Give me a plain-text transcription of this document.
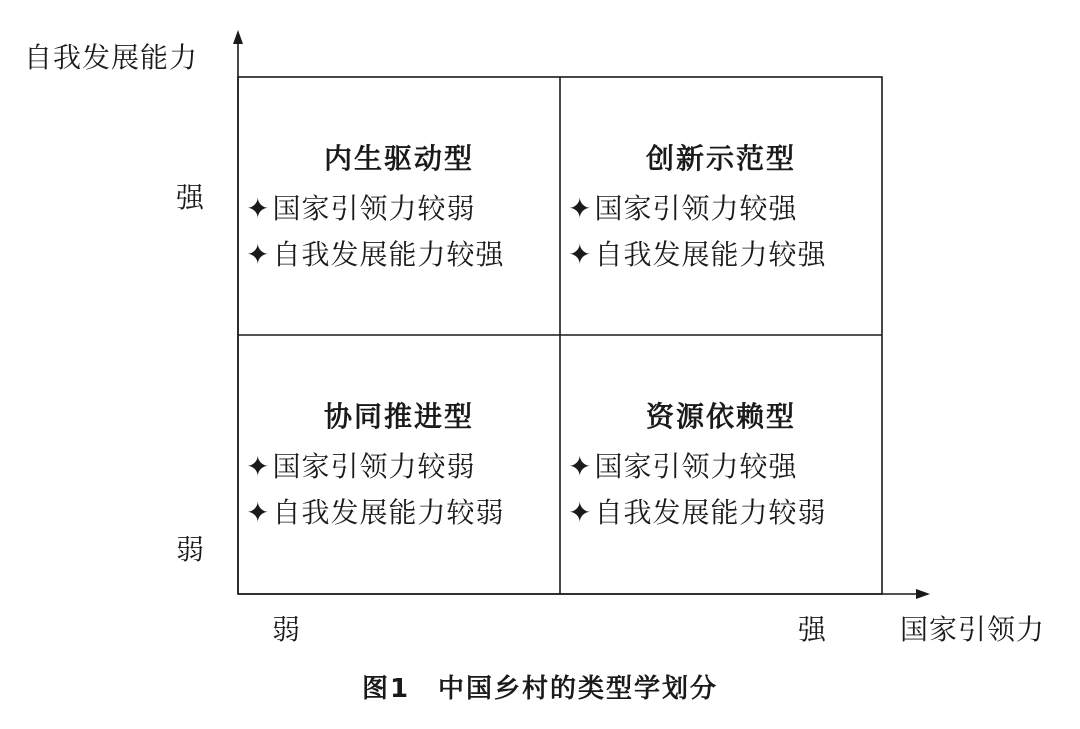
自我发展能力
强
弱
弱	强	国家引领力
内生驱动型
✦国家引领力较弱
✦自我发展能力较强
创新示范型
✦国家引领力较强
✦自我发展能力较强
协同推进型
✦国家引领力较弱
✦自我发展能力较弱
资源依赖型
✦国家引领力较强
✦自我发展能力较弱
图1 中国乡村的类型学划分
